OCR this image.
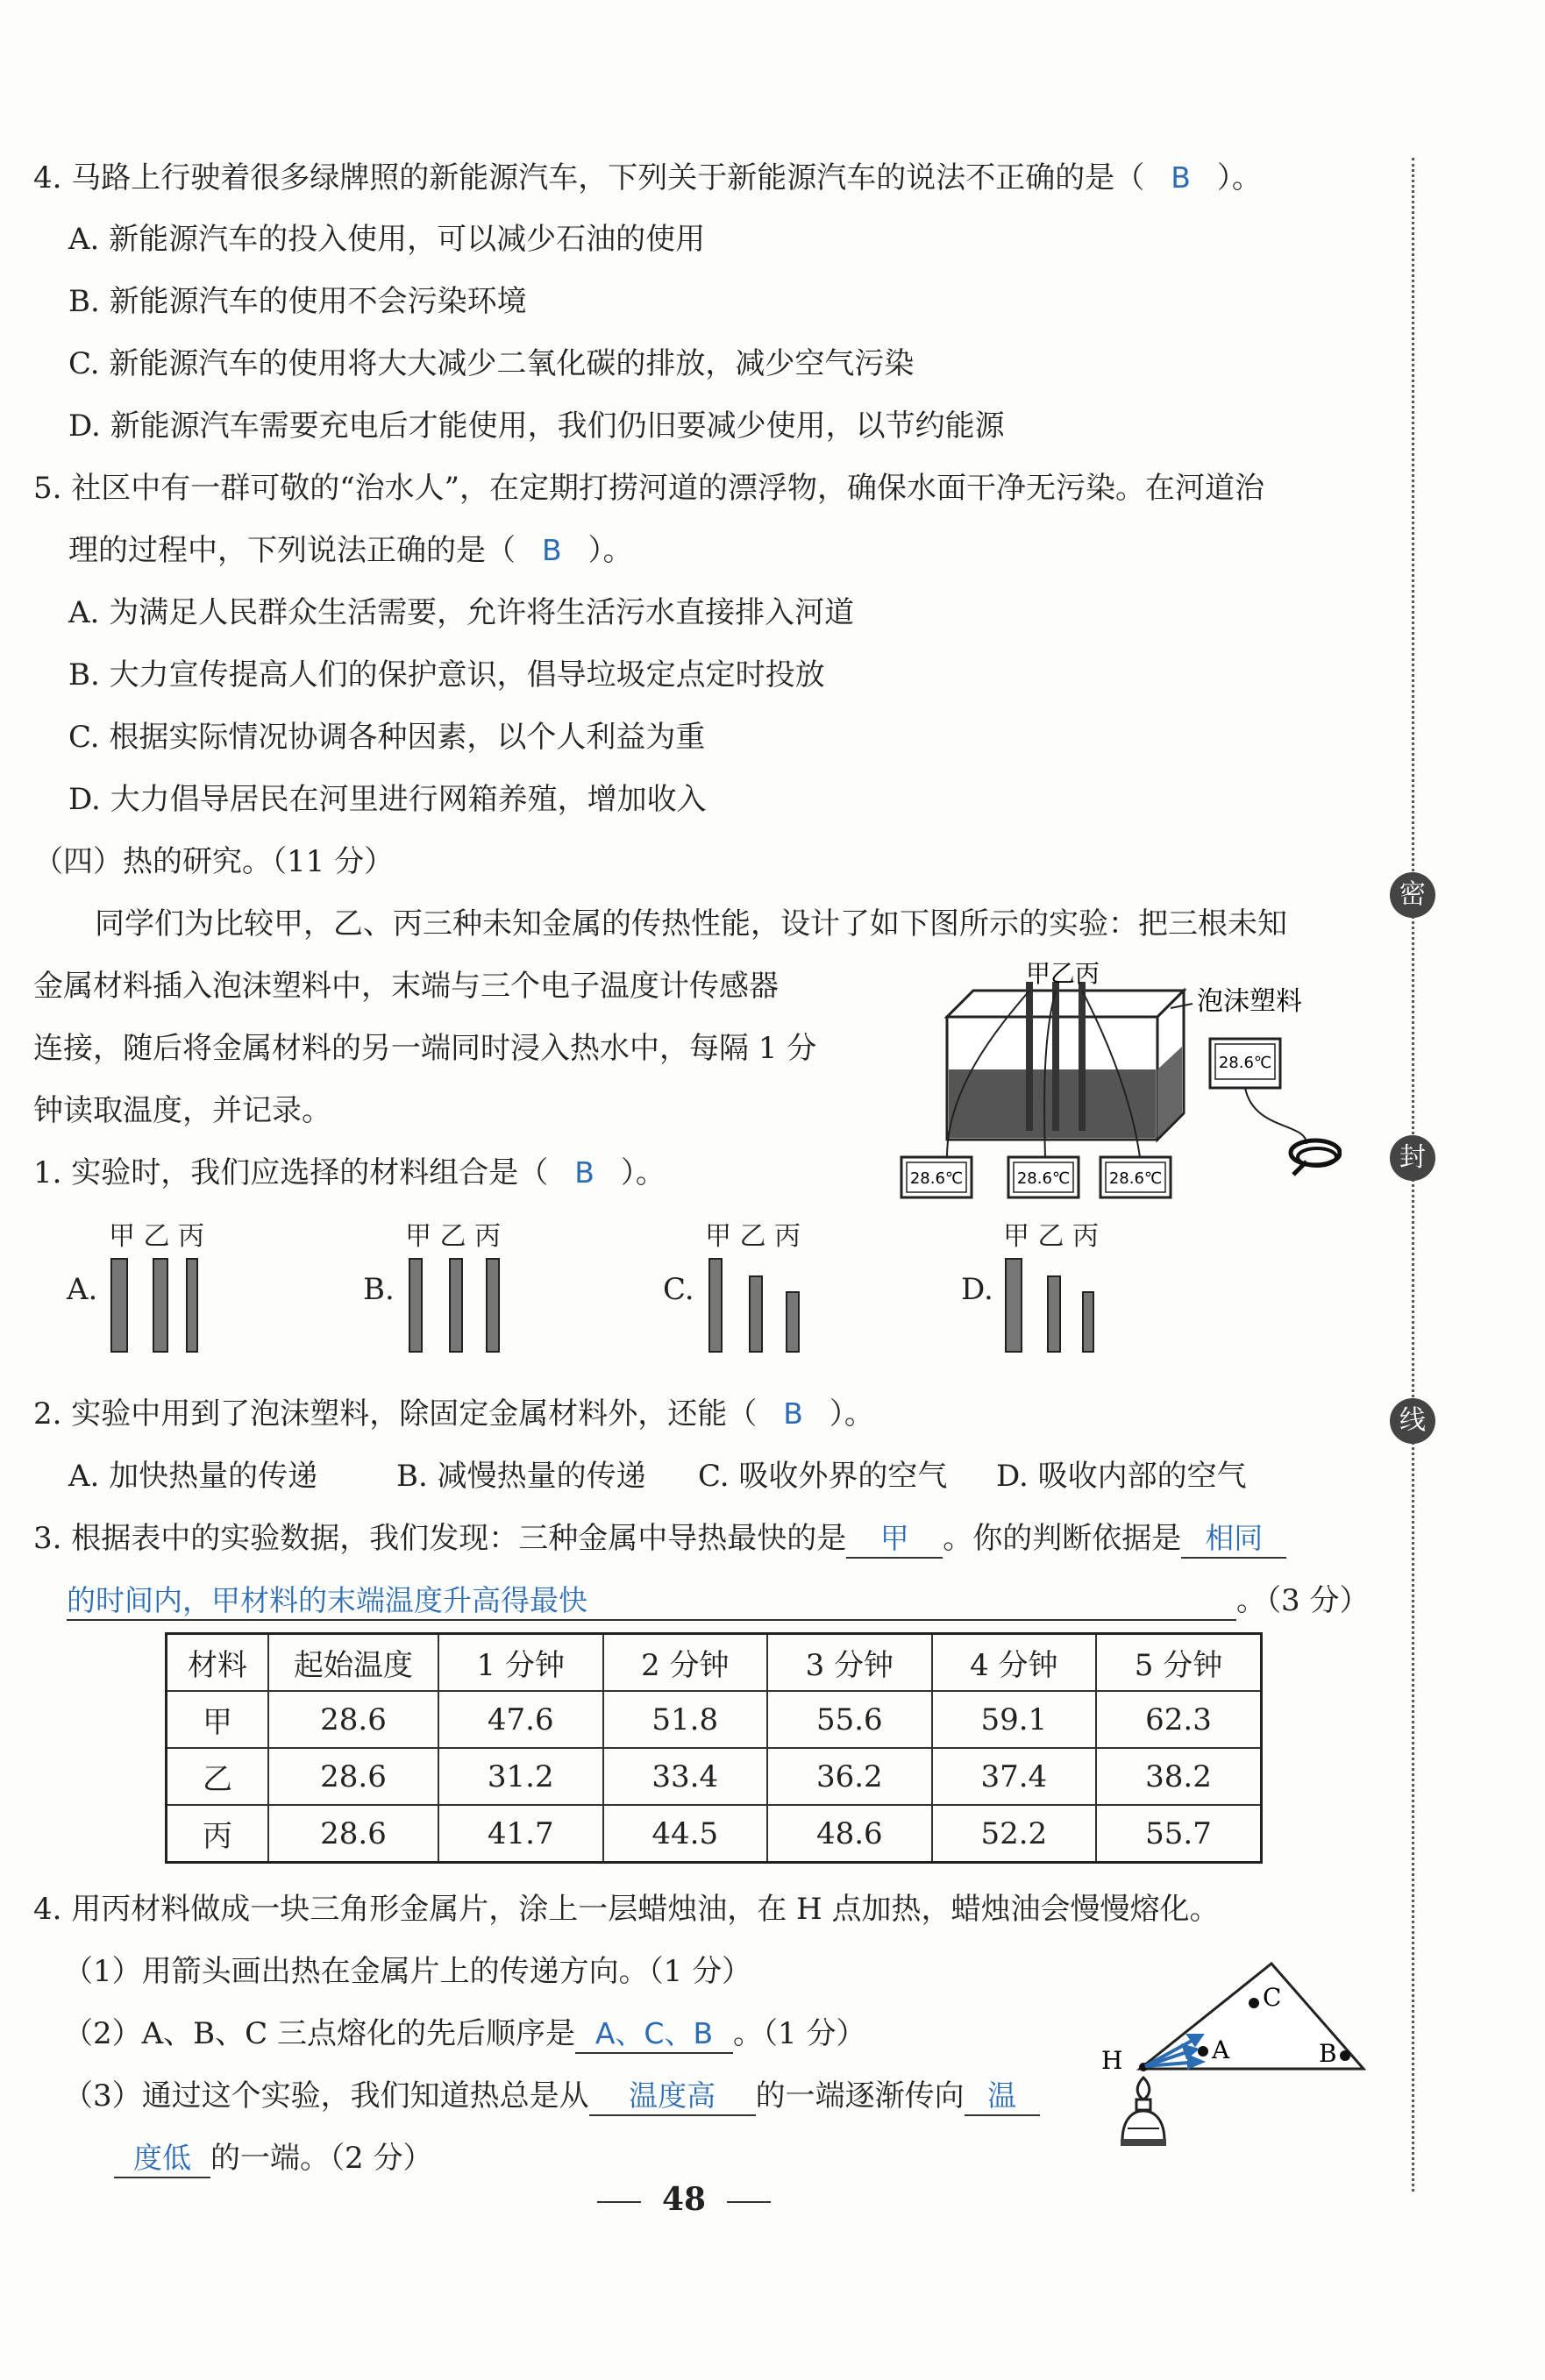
4. 马路上行驶着很多绿牌照的新能源汽车，下列关于新能源汽车的说法不正确的是（ B ）。
A. 新能源汽车的投入使用，可以减少石油的使用
B. 新能源汽车的使用不会污染环境
C. 新能源汽车的使用将大大减少二氧化碳的排放，减少空气污染
D. 新能源汽车需要充电后才能使用，我们仍旧要减少使用，以节约能源
5. 社区中有一群可敬的“治水人”，在定期打捞河道的漂浮物，确保水面干净无污染。在河道治
理的过程中，下列说法正确的是（ B ）。
A. 为满足人民群众生活需要，允许将生活污水直接排入河道
B. 大力宣传提高人们的保护意识，倡导垃圾定点定时投放
C. 根据实际情况协调各种因素，以个人利益为重
D. 大力倡导居民在河里进行网箱养殖，增加收入
（四）热的研究。（11 分）
同学们为比较甲，乙、丙三种未知金属的传热性能，设计了如下图所示的实验：把三根未知
金属材料插入泡沫塑料中，末端与三个电子温度计传感器
连接，随后将金属材料的另一端同时浸入热水中，每隔 1 分
钟读取温度，并记录。
甲乙丙
泡沫塑料
28.6℃	28.6℃ 28.6℃
28.6℃
1. 实验时，我们应选择的材料组合是（ B ）。
甲 乙 丙
A.
甲 乙 丙
B.
甲 乙 丙
C.
甲 乙 丙
D.
2. 实验中用到了泡沫塑料，除固定金属材料外，还能（ B ）。
A. 加快热量的传递	B. 减慢热量的传递 C. 吸收外界的空气 D. 吸收内部的空气
3. 根据表中的实验数据，我们发现：三种金属中导热最快的是 甲 。你的判断依据是 相同
的时间内，甲材料的末端温度升高得最快	。（3 分）
材料	起始温度	1 分钟	2 分钟	3 分钟	4 分钟	5 分钟
甲	28.6	47.6	51.8	55.6	59.1	62.3
乙	28.6	31.2	33.4	36.2	37.4	38.2
丙	28.6	41.7	44.5	48.6	52.2	55.7
4. 用丙材料做成一块三角形金属片，涂上一层蜡烛油，在 H 点加热，蜡烛油会慢慢熔化。
（1）用箭头画出热在金属片上的传递方向。（1 分）
（2）A、B、C 三点熔化的先后顺序是 A、C、B 。（1 分）
（3）通过这个实验，我们知道热总是从 温度高 的一端逐渐传向 温
度低 的一端。（2 分）
C
A	B
H
密
封
线
48
